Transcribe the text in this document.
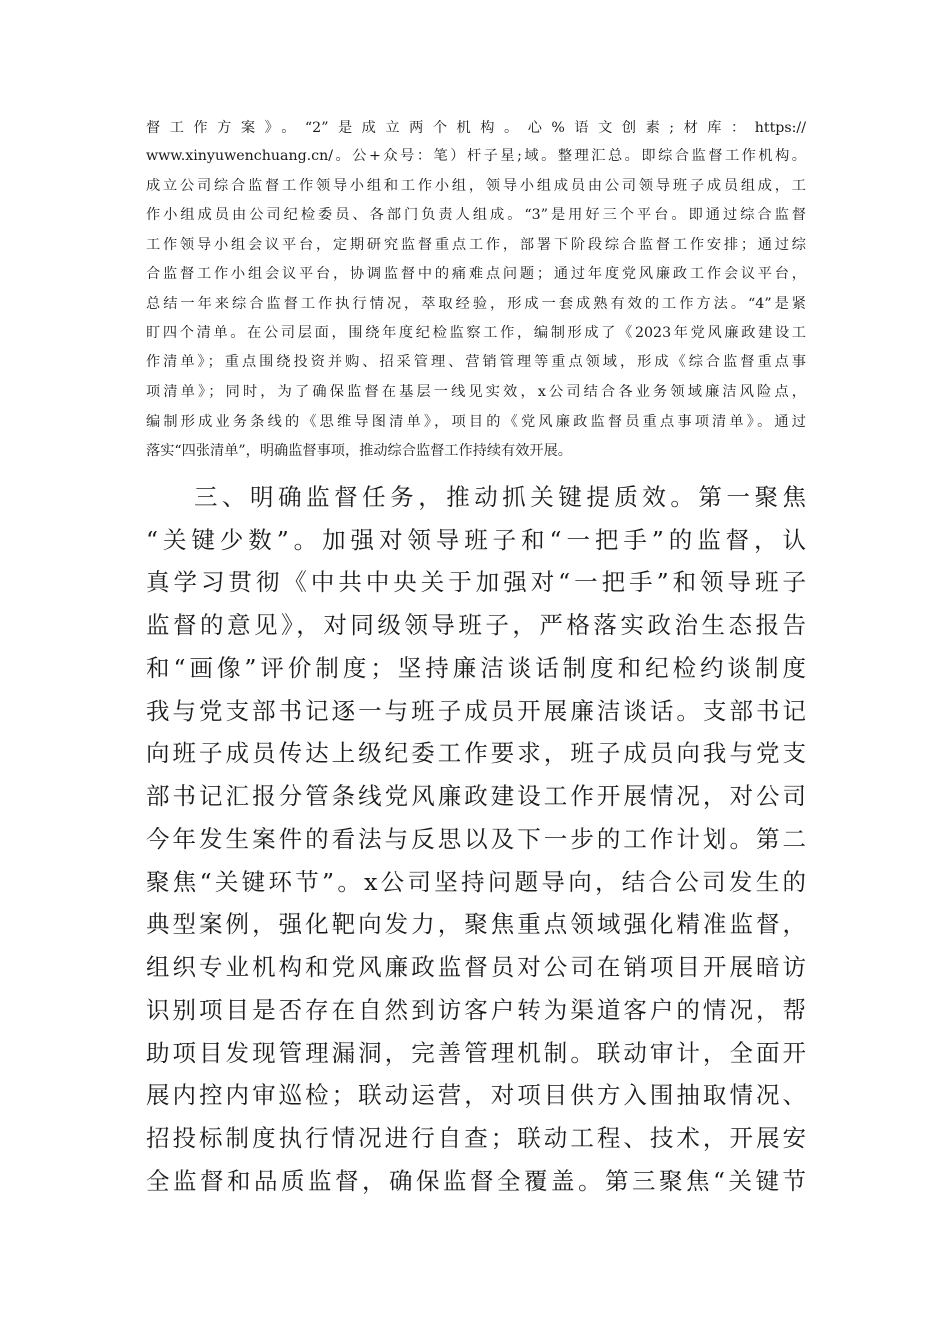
督工作方案》。“2”是成立两个机构。心%语文创素;材库：https://

www.xinyuwenchuang.cn/。公+众号：笔）杆子星;域。整理汇总。即综合监督工作机构。

成立公司综合监督工作领导小组和工作小组，领导小组成员由公司领导班子成员组成，工

作小组成员由公司纪检委员、各部门负责人组成。“3”是用好三个平台。即通过综合监督

工作领导小组会议平台，定期研究监督重点工作，部署下阶段综合监督工作安排；通过综

合监督工作小组会议平台，协调监督中的痛难点问题；通过年度党风廉政工作会议平台，

总结一年来综合监督工作执行情况，萃取经验，形成一套成熟有效的工作方法。“4”是紧

盯四个清单。在公司层面，围绕年度纪检监察工作，编制形成了《2023年党风廉政建设工

作清单》；重点围绕投资并购、招采管理、营销管理等重点领域，形成《综合监督重点事

项清单》；同时，为了确保监督在基层一线见实效，x公司结合各业务领域廉洁风险点，

编制形成业务条线的《思维导图清单》，项目的《党风廉政监督员重点事项清单》。通过

落实“四张清单”，明确监督事项，推动综合监督工作持续有效开展。

三、明确监督任务，推动抓关键提质效。第一聚焦

“关键少数”。加强对领导班子和“一把手”的监督，认

真学习贯彻《中共中央关于加强对“一把手”和领导班子

监督的意见》，对同级领导班子，严格落实政治生态报告

和“画像”评价制度；坚持廉洁谈话制度和纪检约谈制度

我与党支部书记逐一与班子成员开展廉洁谈话。支部书记

向班子成员传达上级纪委工作要求，班子成员向我与党支

部书记汇报分管条线党风廉政建设工作开展情况，对公司

今年发生案件的看法与反思以及下一步的工作计划。第二

聚焦“关键环节”。x公司坚持问题导向，结合公司发生的

典型案例，强化靶向发力，聚焦重点领域强化精准监督，

组织专业机构和党风廉政监督员对公司在销项目开展暗访

识别项目是否存在自然到访客户转为渠道客户的情况，帮

助项目发现管理漏洞，完善管理机制。联动审计，全面开

展内控内审巡检；联动运营，对项目供方入围抽取情况、

招投标制度执行情况进行自查；联动工程、技术，开展安

全监督和品质监督，确保监督全覆盖。第三聚焦“关键节
